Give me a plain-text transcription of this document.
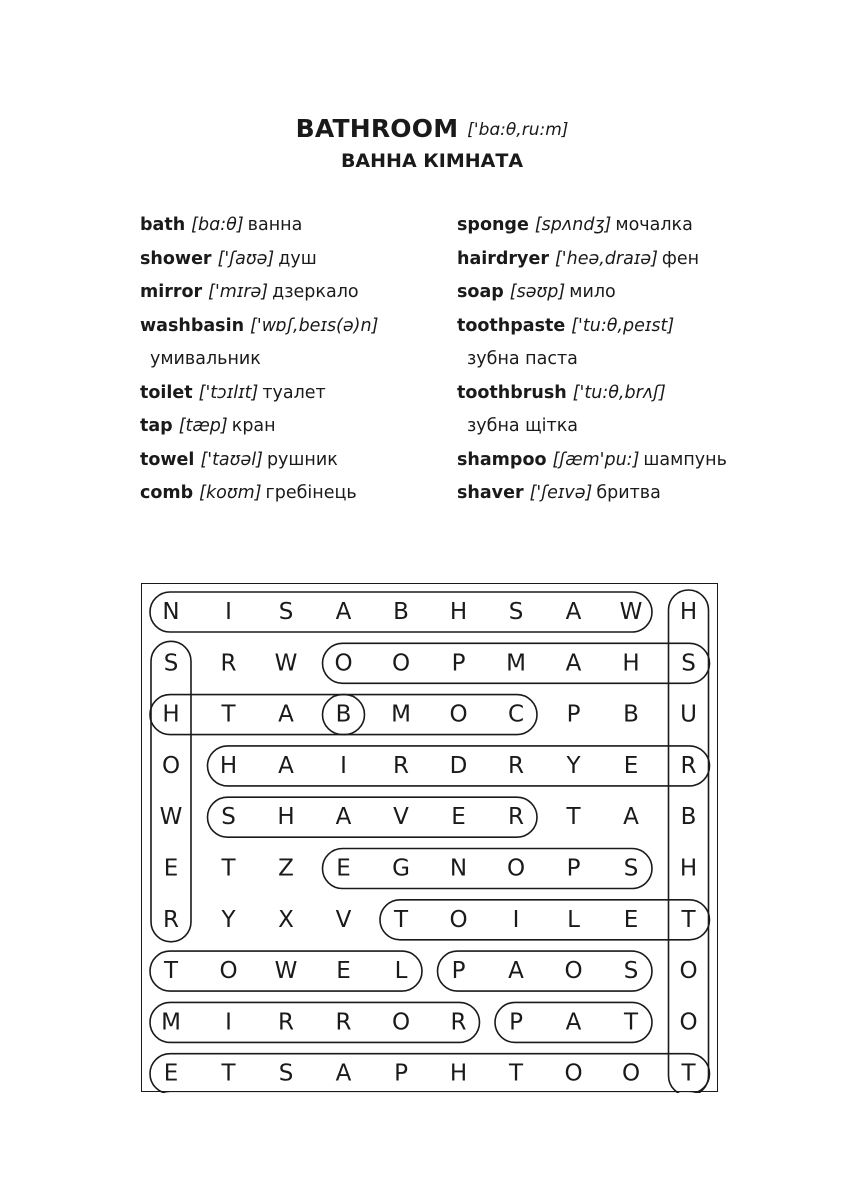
BATHROOM ['bɑ:θ,ru:m]
ВАННА КІМНАТА
bath [bɑ:θ] ванна
shower ['ʃaʊə] душ
mirror ['mɪrə] дзеркало
washbasin ['wɒʃ,beɪs(ə)n]
умивальник
toilet ['tɔɪlɪt] туалет
tap [tæp] кран
towel ['taʊəl] рушник
comb [koʊm] гребінець
sponge [spʌndʒ] мочалка
hairdryer ['heə,draɪə] фен
soap [səʊp] мило
toothpaste ['tu:θ,peɪst]
зубна паста
toothbrush ['tu:θ,brʌʃ]
зубна щітка
shampoo [ʃæm'pu:] шампунь
shaver ['ʃeɪvə] бритва
N I S A B H S A W H
S R W O O P M A H S
H T A B M O C P B U
O H A I R D R Y E R
W S H A V E R T A B
E T Z E G N O P S H
R Y X V T O I L E T
T O W E L P A O S O
M I R R O R P A T O
E T S A P H T O O T
